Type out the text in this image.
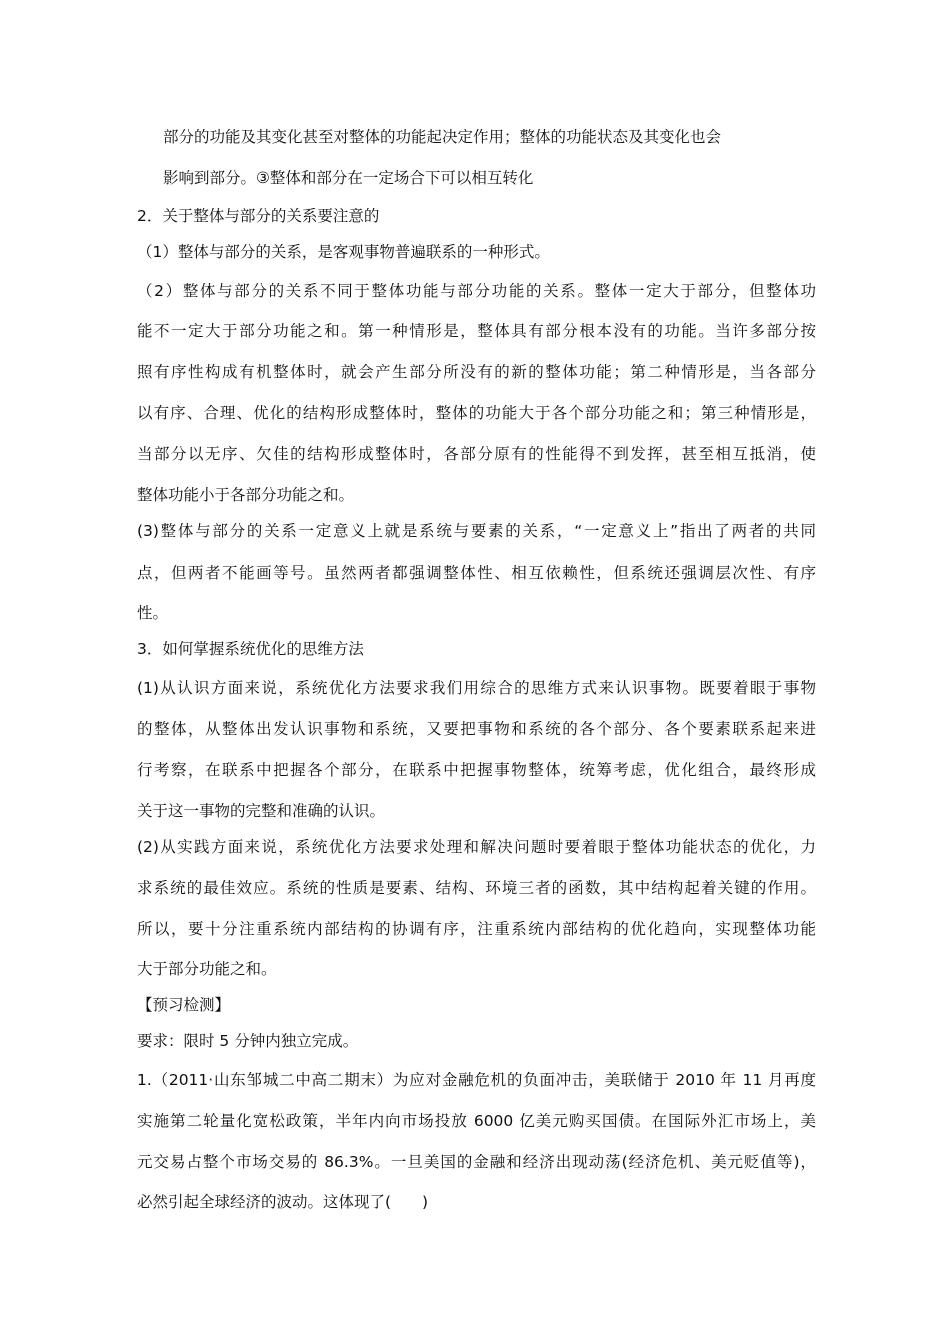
部分的功能及其变化甚至对整体的功能起决定作用；整体的功能状态及其变化也会
影响到部分。③整体和部分在一定场合下可以相互转化
2．关于整体与部分的关系要注意的
（1）整体与部分的关系，是客观事物普遍联系的一种形式。
（2）整体与部分的关系不同于整体功能与部分功能的关系。整体一定大于部分，但整体功
能不一定大于部分功能之和。第一种情形是，整体具有部分根本没有的功能。当许多部分按
照有序性构成有机整体时，就会产生部分所没有的新的整体功能；第二种情形是，当各部分
以有序、合理、优化的结构形成整体时，整体的功能大于各个部分功能之和；第三种情形是，
当部分以无序、欠佳的结构形成整体时，各部分原有的性能得不到发挥，甚至相互抵消，使
整体功能小于各部分功能之和。
(3)整体与部分的关系一定意义上就是系统与要素的关系，“一定意义上”指出了两者的共同
点，但两者不能画等号。虽然两者都强调整体性、相互依赖性，但系统还强调层次性、有序
性。
3．如何掌握系统优化的思维方法
(1)从认识方面来说，系统优化方法要求我们用综合的思维方式来认识事物。既要着眼于事物
的整体，从整体出发认识事物和系统，又要把事物和系统的各个部分、各个要素联系起来进
行考察，在联系中把握各个部分，在联系中把握事物整体，统筹考虑，优化组合，最终形成
关于这一事物的完整和准确的认识。
(2)从实践方面来说，系统优化方法要求处理和解决问题时要着眼于整体功能状态的优化，力
求系统的最佳效应。系统的性质是要素、结构、环境三者的函数，其中结构起着关键的作用。
所以，要十分注重系统内部结构的协调有序，注重系统内部结构的优化趋向，实现整体功能
大于部分功能之和。
【预习检测】
要求：限时 5 分钟内独立完成。
1.（2011·山东邹城二中高二期末）为应对金融危机的负面冲击，美联储于 2010 年 11 月再度
实施第二轮量化宽松政策，半年内向市场投放 6000 亿美元购买国债。在国际外汇市场上，美
元交易占整个市场交易的 86.3%。一旦美国的金融和经济出现动荡(经济危机、美元贬值等)，
必然引起全球经济的波动。这体现了(　　)
